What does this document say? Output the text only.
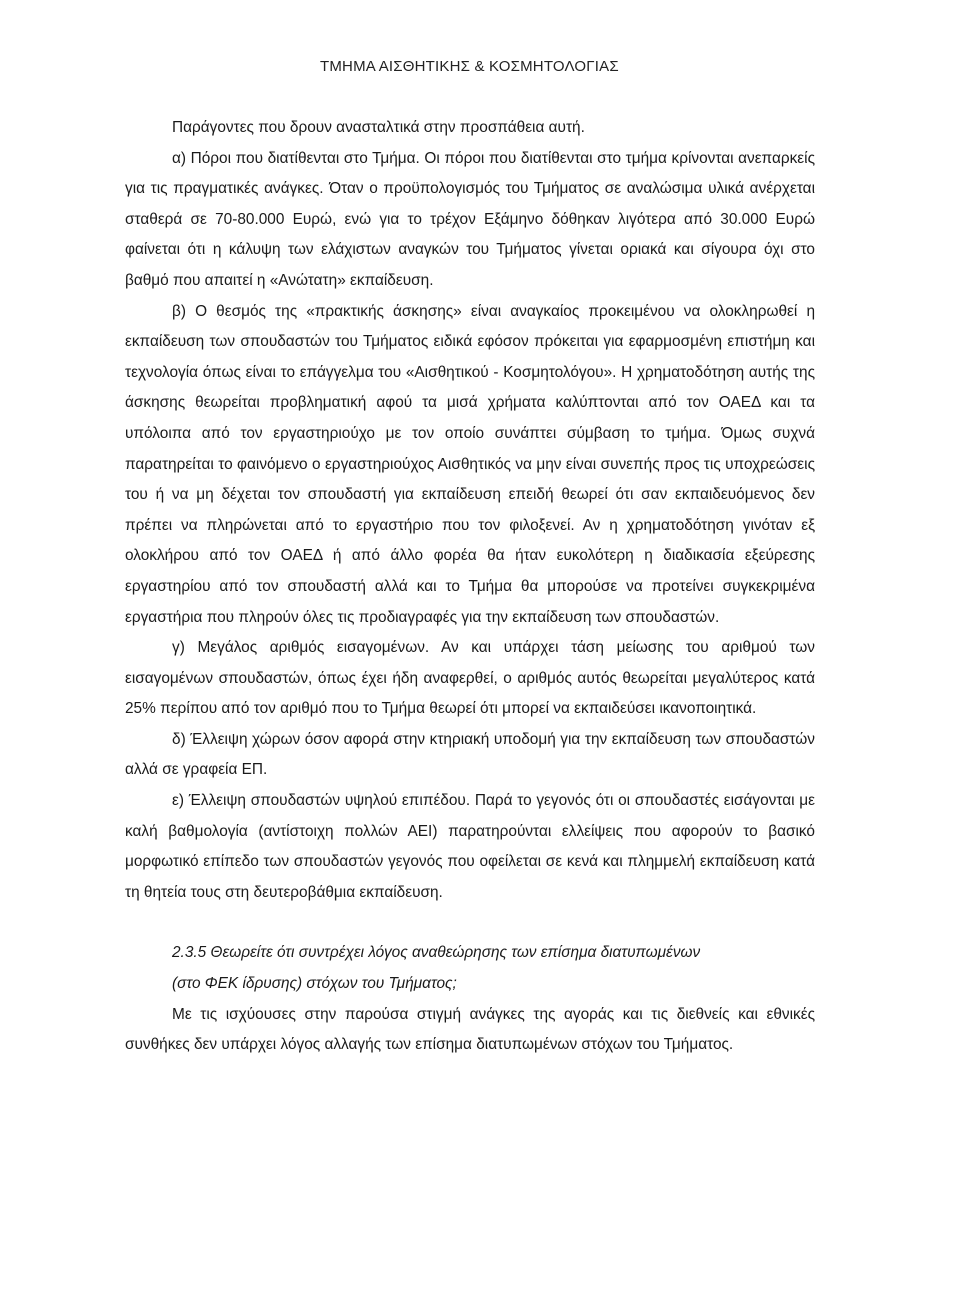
ΤΜΗΜΑ ΑΙΣΘΗΤΙΚΗΣ & ΚΟΣΜΗΤΟΛΟΓΙΑΣ

Παράγοντες που δρουν ανασταλτικά στην προσπάθεια αυτή.

α) Πόροι που διατίθενται στο Τμήμα. Οι πόροι που διατίθενται στο τμήμα κρίνονται ανεπαρκείς για τις πραγματικές ανάγκες. Όταν ο προϋπολογισμός του Τμήματος σε αναλώσιμα υλικά ανέρχεται σταθερά σε 70-80.000 Ευρώ, ενώ για το τρέχον Εξάμηνο δόθηκαν λιγότερα από 30.000 Ευρώ φαίνεται ότι η κάλυψη των ελάχιστων αναγκών του Τμήματος γίνεται οριακά και σίγουρα όχι στο βαθμό που απαιτεί η «Ανώτατη» εκπαίδευση.

β) Ο θεσμός της «πρακτικής άσκησης» είναι αναγκαίος προκειμένου να ολοκληρωθεί η εκπαίδευση των σπουδαστών του Τμήματος ειδικά εφόσον πρόκειται για εφαρμοσμένη επιστήμη και τεχνολογία όπως είναι το επάγγελμα του «Αισθητικού - Κοσμητολόγου». Η χρηματοδότηση αυτής της άσκησης θεωρείται προβληματική αφού τα μισά χρήματα καλύπτονται από τον ΟΑΕΔ και τα υπόλοιπα από τον εργαστηριούχο με τον οποίο συνάπτει σύμβαση το τμήμα. Όμως συχνά παρατηρείται το φαινόμενο ο εργαστηριούχος Αισθητικός να μην είναι συνεπής προς τις υποχρεώσεις του ή να μη δέχεται τον σπουδαστή για εκπαίδευση επειδή θεωρεί ότι σαν εκπαιδευόμενος δεν πρέπει να πληρώνεται από το εργαστήριο που τον φιλοξενεί. Αν η χρηματοδότηση γινόταν εξ ολοκλήρου από τον ΟΑΕΔ ή από άλλο φορέα θα ήταν ευκολότερη η διαδικασία εξεύρεσης εργαστηρίου από τον σπουδαστή αλλά και το Τμήμα θα μπορούσε να προτείνει συγκεκριμένα εργαστήρια που πληρούν όλες τις προδιαγραφές για την εκπαίδευση των σπουδαστών.

γ) Μεγάλος αριθμός εισαγομένων. Αν και υπάρχει τάση μείωσης του αριθμού των εισαγομένων σπουδαστών, όπως έχει ήδη αναφερθεί, ο αριθμός αυτός θεωρείται μεγαλύτερος κατά 25% περίπου από τον αριθμό που το Τμήμα θεωρεί ότι μπορεί να εκπαιδεύσει ικανοποιητικά.

δ) Έλλειψη χώρων όσον αφορά στην κτηριακή υποδομή για την εκπαίδευση των σπουδαστών αλλά σε γραφεία ΕΠ.

ε) Έλλειψη σπουδαστών υψηλού επιπέδου. Παρά το γεγονός ότι οι σπουδαστές εισάγονται με καλή βαθμολογία (αντίστοιχη πολλών ΑΕΙ) παρατηρούνται ελλείψεις που αφορούν το βασικό μορφωτικό επίπεδο των σπουδαστών γεγονός που οφείλεται σε κενά και πλημμελή εκπαίδευση κατά τη θητεία τους στη δευτεροβάθμια εκπαίδευση.

2.3.5 Θεωρείτε ότι συντρέχει λόγος αναθεώρησης των επίσημα διατυπωμένων
(στο ΦΕΚ ίδρυσης) στόχων του Τμήματος;

Με τις ισχύουσες στην παρούσα στιγμή ανάγκες της αγοράς και τις διεθνείς και εθνικές συνθήκες δεν υπάρχει λόγος αλλαγής των επίσημα διατυπωμένων στόχων του Τμήματος.
